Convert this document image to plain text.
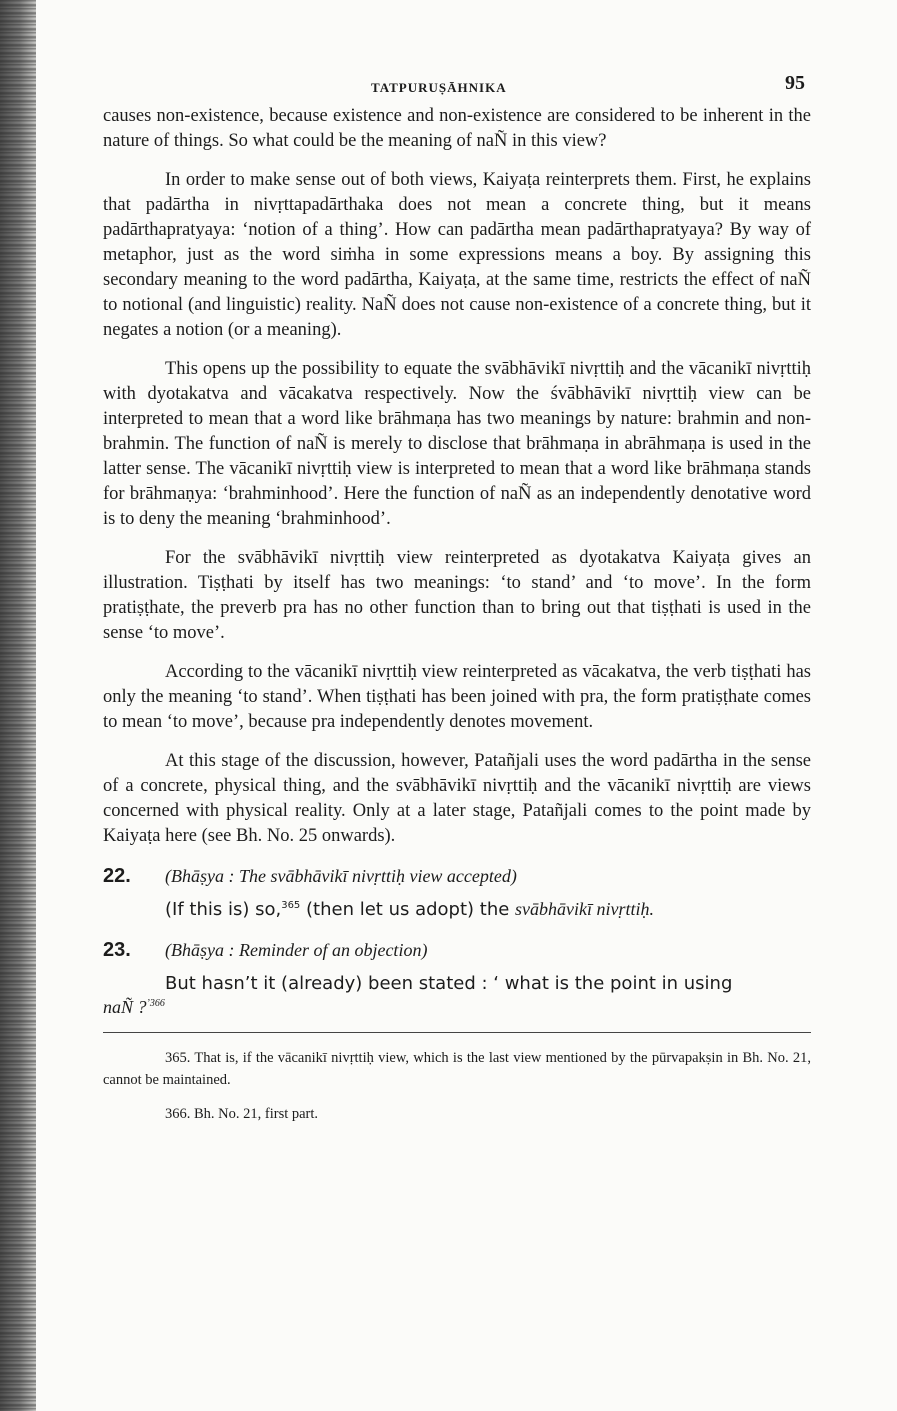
TATPURUṢĀHNIKA	95

causes non-existence, because existence and non-existence are considered to be inherent in the nature of things. So what could be the meaning of naÑ in this view?

In order to make sense out of both views, Kaiyaṭa reinterprets them. First, he explains that padārtha in nivṛttapadārthaka does not mean a concrete thing, but it means padārthapratyaya: ‘notion of a thing’. How can padārtha mean padārthapratyaya? By way of metaphor, just as the word siṁha in some expressions means a boy. By assigning this secondary meaning to the word padārtha, Kaiyaṭa, at the same time, restricts the effect of naÑ to notional (and linguistic) reality. NaÑ does not cause non-existence of a concrete thing, but it negates a notion (or a meaning).

This opens up the possibility to equate the svābhāvikī nivṛttiḥ and the vācanikī nivṛttiḥ with dyotakatva and vācakatva respectively. Now the śvābhāvikī nivṛttiḥ view can be interpreted to mean that a word like brāhmaṇa has two meanings by nature: brahmin and non-brahmin. The function of naÑ is merely to disclose that brāhmaṇa in abrāhmaṇa is used in the latter sense. The vācanikī nivṛttiḥ view is interpreted to mean that a word like brāhmaṇa stands for brāhmaṇya: ‘brahminhood’. Here the function of naÑ as an independently denotative word is to deny the meaning ‘brahminhood’.

For the svābhāvikī nivṛttiḥ view reinterpreted as dyotakatva Kaiyaṭa gives an illustration. Tiṣṭhati by itself has two meanings: ‘to stand’ and ‘to move’. In the form pratiṣṭhate, the preverb pra has no other function than to bring out that tiṣṭhati is used in the sense ‘to move’.

According to the vācanikī nivṛttiḥ view reinterpreted as vācakatva, the verb tiṣṭhati has only the meaning ‘to stand’. When tiṣṭhati has been joined with pra, the form pratiṣṭhate comes to mean ‘to move’, because pra independently denotes movement.

At this stage of the discussion, however, Patañjali uses the word padārtha in the sense of a concrete, physical thing, and the svābhāvikī nivṛttiḥ and the vācanikī nivṛttiḥ are views concerned with physical reality. Only at a later stage, Patañjali comes to the point made by Kaiyaṭa here (see Bh. No. 25 onwards).

22.	(Bhāṣya : The svābhāvikī nivṛttiḥ view accepted)
(If this is) so,$^{365}$ (then let us adopt) the svābhāvikī nivṛttiḥ.
23.	(Bhāṣya : Reminder of an objection)
But hasn’t it (already) been stated : ‘ what is the point in using
naÑ ?$^{’366}$

365. That is, if the vācanikī nivṛttiḥ view, which is the last view mentioned by the pūrvapakṣin in Bh. No. 21, cannot be maintained.

366. Bh. No. 21, first part.
